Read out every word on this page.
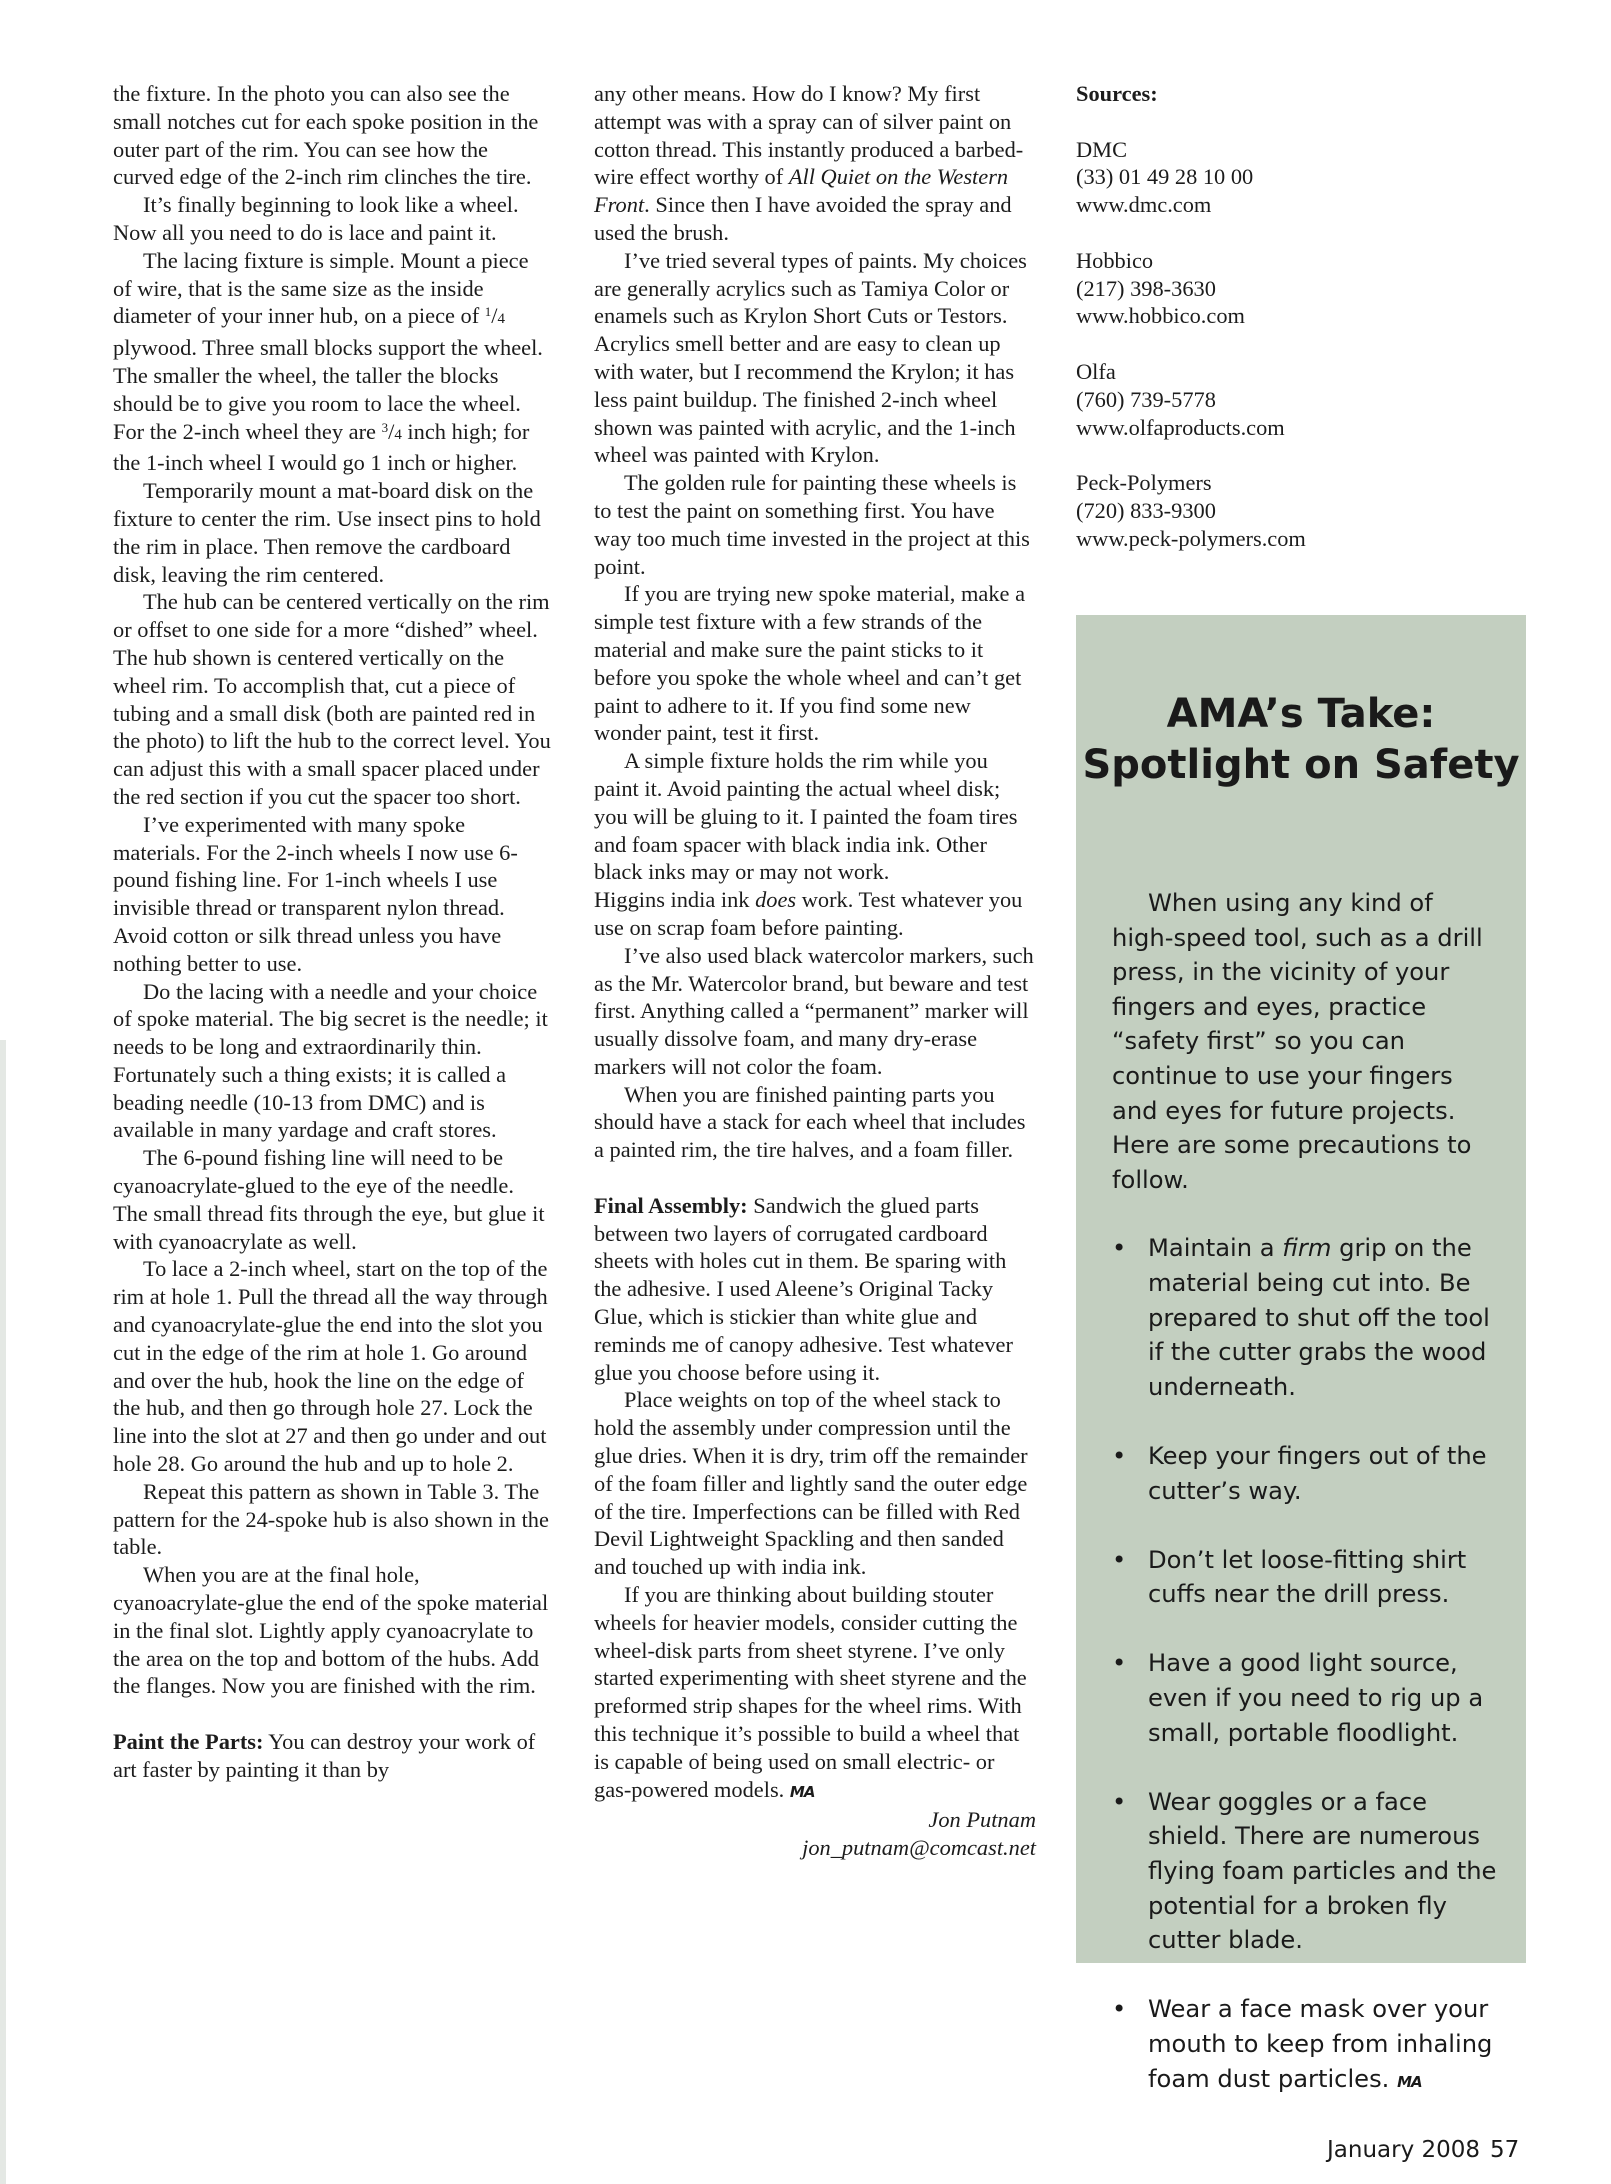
the fixture. In the photo you can also see the small notches cut for each spoke position in the outer part of the rim. You can see how the curved edge of the 2-inch rim clinches the tire.

It’s finally beginning to look like a wheel. Now all you need to do is lace and paint it.

The lacing fixture is simple. Mount a piece of wire, that is the same size as the inside diameter of your inner hub, on a piece of $^1$/4 plywood. Three small blocks support the wheel. The smaller the wheel, the taller the blocks should be to give you room to lace the wheel. For the 2-inch wheel they are $^3$/4 inch high; for the 1-inch wheel I would go 1 inch or higher.

Temporarily mount a mat-board disk on the fixture to center the rim. Use insect pins to hold the rim in place. Then remove the cardboard disk, leaving the rim centered.

The hub can be centered vertically on the rim or offset to one side for a more “dished” wheel. The hub shown is centered vertically on the wheel rim. To accomplish that, cut a piece of tubing and a small disk (both are painted red in the photo) to lift the hub to the correct level. You can adjust this with a small spacer placed under the red section if you cut the spacer too short.

I’ve experimented with many spoke materials. For the 2-inch wheels I now use 6-pound fishing line. For 1-inch wheels I use invisible thread or transparent nylon thread. Avoid cotton or silk thread unless you have nothing better to use.

Do the lacing with a needle and your choice of spoke material. The big secret is the needle; it needs to be long and extraordinarily thin. Fortunately such a thing exists; it is called a beading needle (10-13 from DMC) and is available in many yardage and craft stores.

The 6-pound fishing line will need to be cyanoacrylate-glued to the eye of the needle. The small thread fits through the eye, but glue it with cyanoacrylate as well.

To lace a 2-inch wheel, start on the top of the rim at hole 1. Pull the thread all the way through and cyanoacrylate-glue the end into the slot you cut in the edge of the rim at hole 1. Go around and over the hub, hook the line on the edge of the hub, and then go through hole 27. Lock the line into the slot at 27 and then go under and out hole 28. Go around the hub and up to hole 2.

Repeat this pattern as shown in Table 3. The pattern for the 24-spoke hub is also shown in the table.

When you are at the final hole, cyanoacrylate-glue the end of the spoke material in the final slot. Lightly apply cyanoacrylate to the area on the top and bottom of the hubs. Add the flanges. Now you are finished with the rim.

Paint the Parts: You can destroy your work of art faster by painting it than by

any other means. How do I know? My first attempt was with a spray can of silver paint on cotton thread. This instantly produced a barbed-wire effect worthy of All Quiet on the Western Front. Since then I have avoided the spray and used the brush.

I’ve tried several types of paints. My choices are generally acrylics such as Tamiya Color or enamels such as Krylon Short Cuts or Testors. Acrylics smell better and are easy to clean up with water, but I recommend the Krylon; it has less paint buildup. The finished 2-inch wheel shown was painted with acrylic, and the 1-inch wheel was painted with Krylon.

The golden rule for painting these wheels is to test the paint on something first. You have way too much time invested in the project at this point.

If you are trying new spoke material, make a simple test fixture with a few strands of the material and make sure the paint sticks to it before you spoke the whole wheel and can’t get paint to adhere to it. If you find some new wonder paint, test it first.

A simple fixture holds the rim while you paint it. Avoid painting the actual wheel disk; you will be gluing to it. I painted the foam tires and foam spacer with black india ink. Other black inks may or may not work.

Higgins india ink does work. Test whatever you use on scrap foam before painting.

I’ve also used black watercolor markers, such as the Mr. Watercolor brand, but beware and test first. Anything called a “permanent” marker will usually dissolve foam, and many dry-erase markers will not color the foam.

When you are finished painting parts you should have a stack for each wheel that includes a painted rim, the tire halves, and a foam filler.

Final Assembly: Sandwich the glued parts between two layers of corrugated cardboard sheets with holes cut in them. Be sparing with the adhesive. I used Aleene’s Original Tacky Glue, which is stickier than white glue and reminds me of canopy adhesive. Test whatever glue you choose before using it.

Place weights on top of the wheel stack to hold the assembly under compression until the glue dries. When it is dry, trim off the remainder of the foam filler and lightly sand the outer edge of the tire. Imperfections can be filled with Red Devil Lightweight Spackling and then sanded and touched up with india ink.

If you are thinking about building stouter wheels for heavier models, consider cutting the wheel-disk parts from sheet styrene. I’ve only started experimenting with sheet styrene and the preformed strip shapes for the wheel rims. With this technique it’s possible to build a wheel that is capable of being used on small electric- or gas-powered models. MA

Jon Putnam

jon_putnam@comcast.net

Sources:

DMC
(33) 01 49 28 10 00
www.dmc.com
Hobbico
(217) 398-3630
www.hobbico.com
Olfa
(760) 739-5778
www.olfaproducts.com
Peck-Polymers
(720) 833-9300
www.peck-polymers.com
AMA’s Take:
Spotlight on Safety

When using any kind of high-speed tool, such as a drill press, in the vicinity of your fingers and eyes, practice “safety first” so you can continue to use your fingers and eyes for future projects. Here are some precautions to follow.

• Maintain a firm grip on the material being cut into. Be prepared to shut off the tool if the cutter grabs the wood underneath.
• Keep your fingers out of the cutter’s way.
• Don’t let loose-fitting shirt cuffs near the drill press.
• Have a good light source, even if you need to rig up a small, portable floodlight.
• Wear goggles or a face shield. There are numerous flying foam particles and the potential for a broken fly cutter blade.
• Wear a face mask over your mouth to keep from inhaling foam dust particles. MA
January 2008 57
